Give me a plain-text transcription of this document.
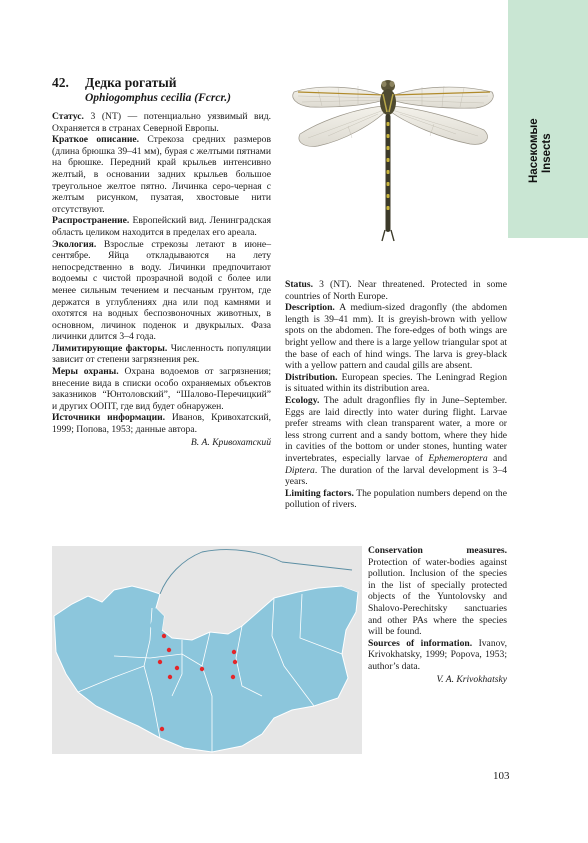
Насекомые Insects
42. Дедка рогатый
Ophiogomphus cecilia (Fcrcr.)

Статус. 3 (NT) — потенциально уязвимый вид. Охраняется в странах Северной Европы.

Краткое описание. Стрекоза средних размеров (длина брюшка 39–41 мм), бурая с желтыми пятнами на брюшке. Передний край крыльев интенсивно желтый, в основании задних крыльев большое треугольное желтое пятно. Личинка серо-черная с желтым рисунком, пузатая, хвостовые нити отсутствуют.

Распространение. Европейский вид. Ленинградская область целиком находится в пределах его ареала.

Экология. Взрослые стрекозы летают в июне–сентябре. Яйца откладываются на лету непосредственно в воду. Личинки предпочитают водоемы с чистой прозрачной водой с более или менее сильным течением и песчаным грунтом, где держатся в углублениях дна или под камнями и охотятся на водных беспозвоночных животных, в основном, личинок поденок и двукрылых. Фаза личинки длится 3–4 года.

Лимитирующие факторы. Численность популяции зависит от степени загрязнения рек.

Меры охраны. Охрана водоемов от загрязнения; внесение вида в списки особо охраняемых объектов заказников “Юнтоловский”, “Шалово-Перечицкий” и других ООПТ, где вид будет обнаружен.

Источники информации. Иванов, Кривохатский, 1999; Попова, 1953; данные автора.

В. А. Кривохатский

Status. 3 (NT). Near threatened. Protected in some countries of North Europe.

Description. A medium-sized dragonfly (the abdomen length is 39–41 mm). It is greyish-brown with yellow spots on the abdomen. The fore-edges of both wings are bright yellow and there is a large yellow triangular spot at the base of each of hind wings. The larva is grey-black with a yellow pattern and caudal gills are absent.

Distribution. European species. The Leningrad Region is situated within its distribution area.

Ecology. The adult dragonflies fly in June–September. Eggs are laid directly into water during flight. Larvae prefer streams with clean transparent water, a more or less strong current and a sandy bottom, where they hide in cavities of the bottom or under stones, hunting water invertebrates, especially larvae of Ephemeroptera and Diptera. The duration of the larval development is 3–4 years.

Limiting factors. The population numbers depend on the pollution of rivers.

Conservation measures. Protection of water-bodies against pollution. Inclusion of the species in the list of specially protected objects of the Yuntolovsky and Shalovo-Perechitsky sanctuaries and other PAs where the species will be found.

Sources of information. Ivanov, Krivokhatsky, 1999; Popova, 1953; author’s data.

V. A. Krivokhatsky

103
